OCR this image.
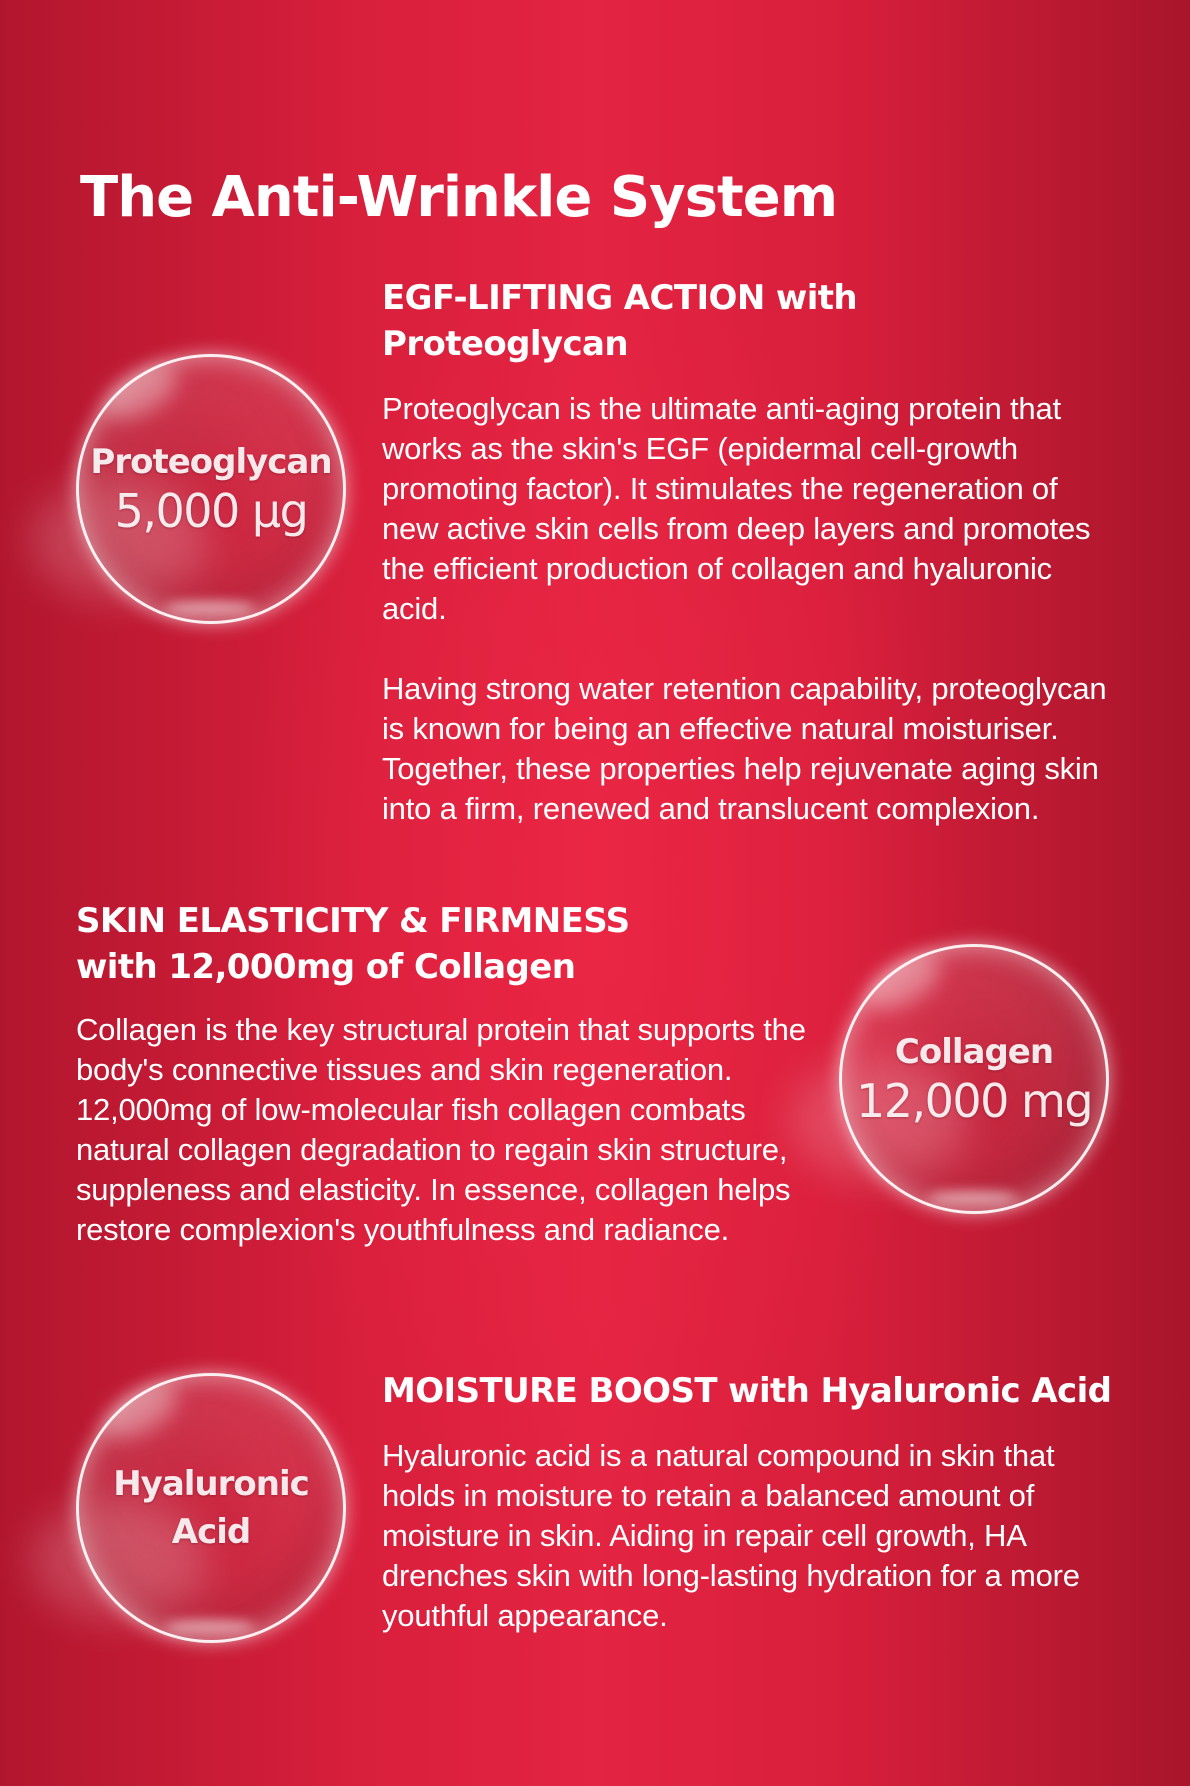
The Anti-Wrinkle System
Proteoglycan
5,000 µg
EGF-LIFTING ACTION with Proteoglycan

Proteoglycan is the ultimate anti-aging protein that works as the skin's EGF (epidermal cell-growth promoting factor). It stimulates the regeneration of new active skin cells from deep layers and promotes the efficient production of collagen and hyaluronic acid.

Having strong water retention capability, proteoglycan is known for being an effective natural moisturiser. Together, these properties help rejuvenate aging skin into a firm, renewed and translucent complexion.

SKIN ELASTICITY & FIRMNESS
with 12,000mg of Collagen

Collagen is the key structural protein that supports the body's connective tissues and skin regeneration. 12,000mg of low-molecular fish collagen combats natural collagen degradation to regain skin structure, suppleness and elasticity. In essence, collagen helps restore complexion's youthfulness and radiance.

Collagen
12,000 mg
Hyaluronic
Acid
MOISTURE BOOST with Hyaluronic Acid

Hyaluronic acid is a natural compound in skin that holds in moisture to retain a balanced amount of moisture in skin. Aiding in repair cell growth, HA drenches skin with long-lasting hydration for a more youthful appearance.
